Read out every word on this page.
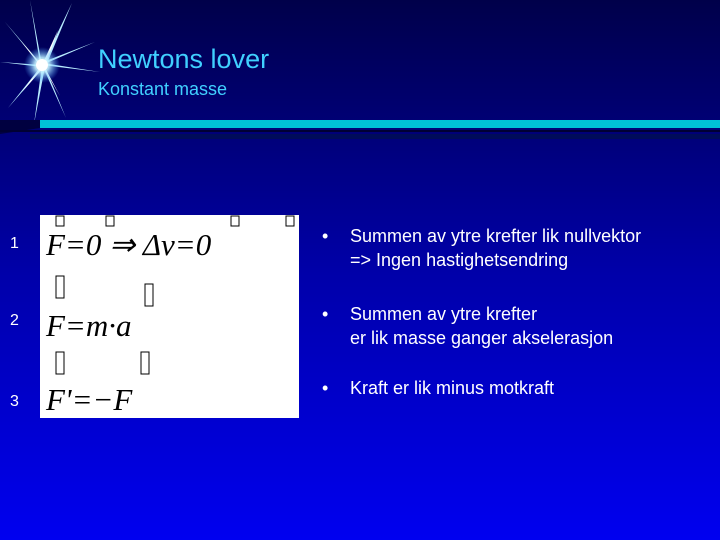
Newtons lover
Konstant masse
1
2
3
F=0 ⇒ Δv=0
F=m·a
F'=−F
• Summen av ytre krefter lik nullvektor
=> Ingen hastighetsendring
• Summen av ytre krefter
er lik masse ganger akselerasjon
• Kraft er lik minus motkraft
